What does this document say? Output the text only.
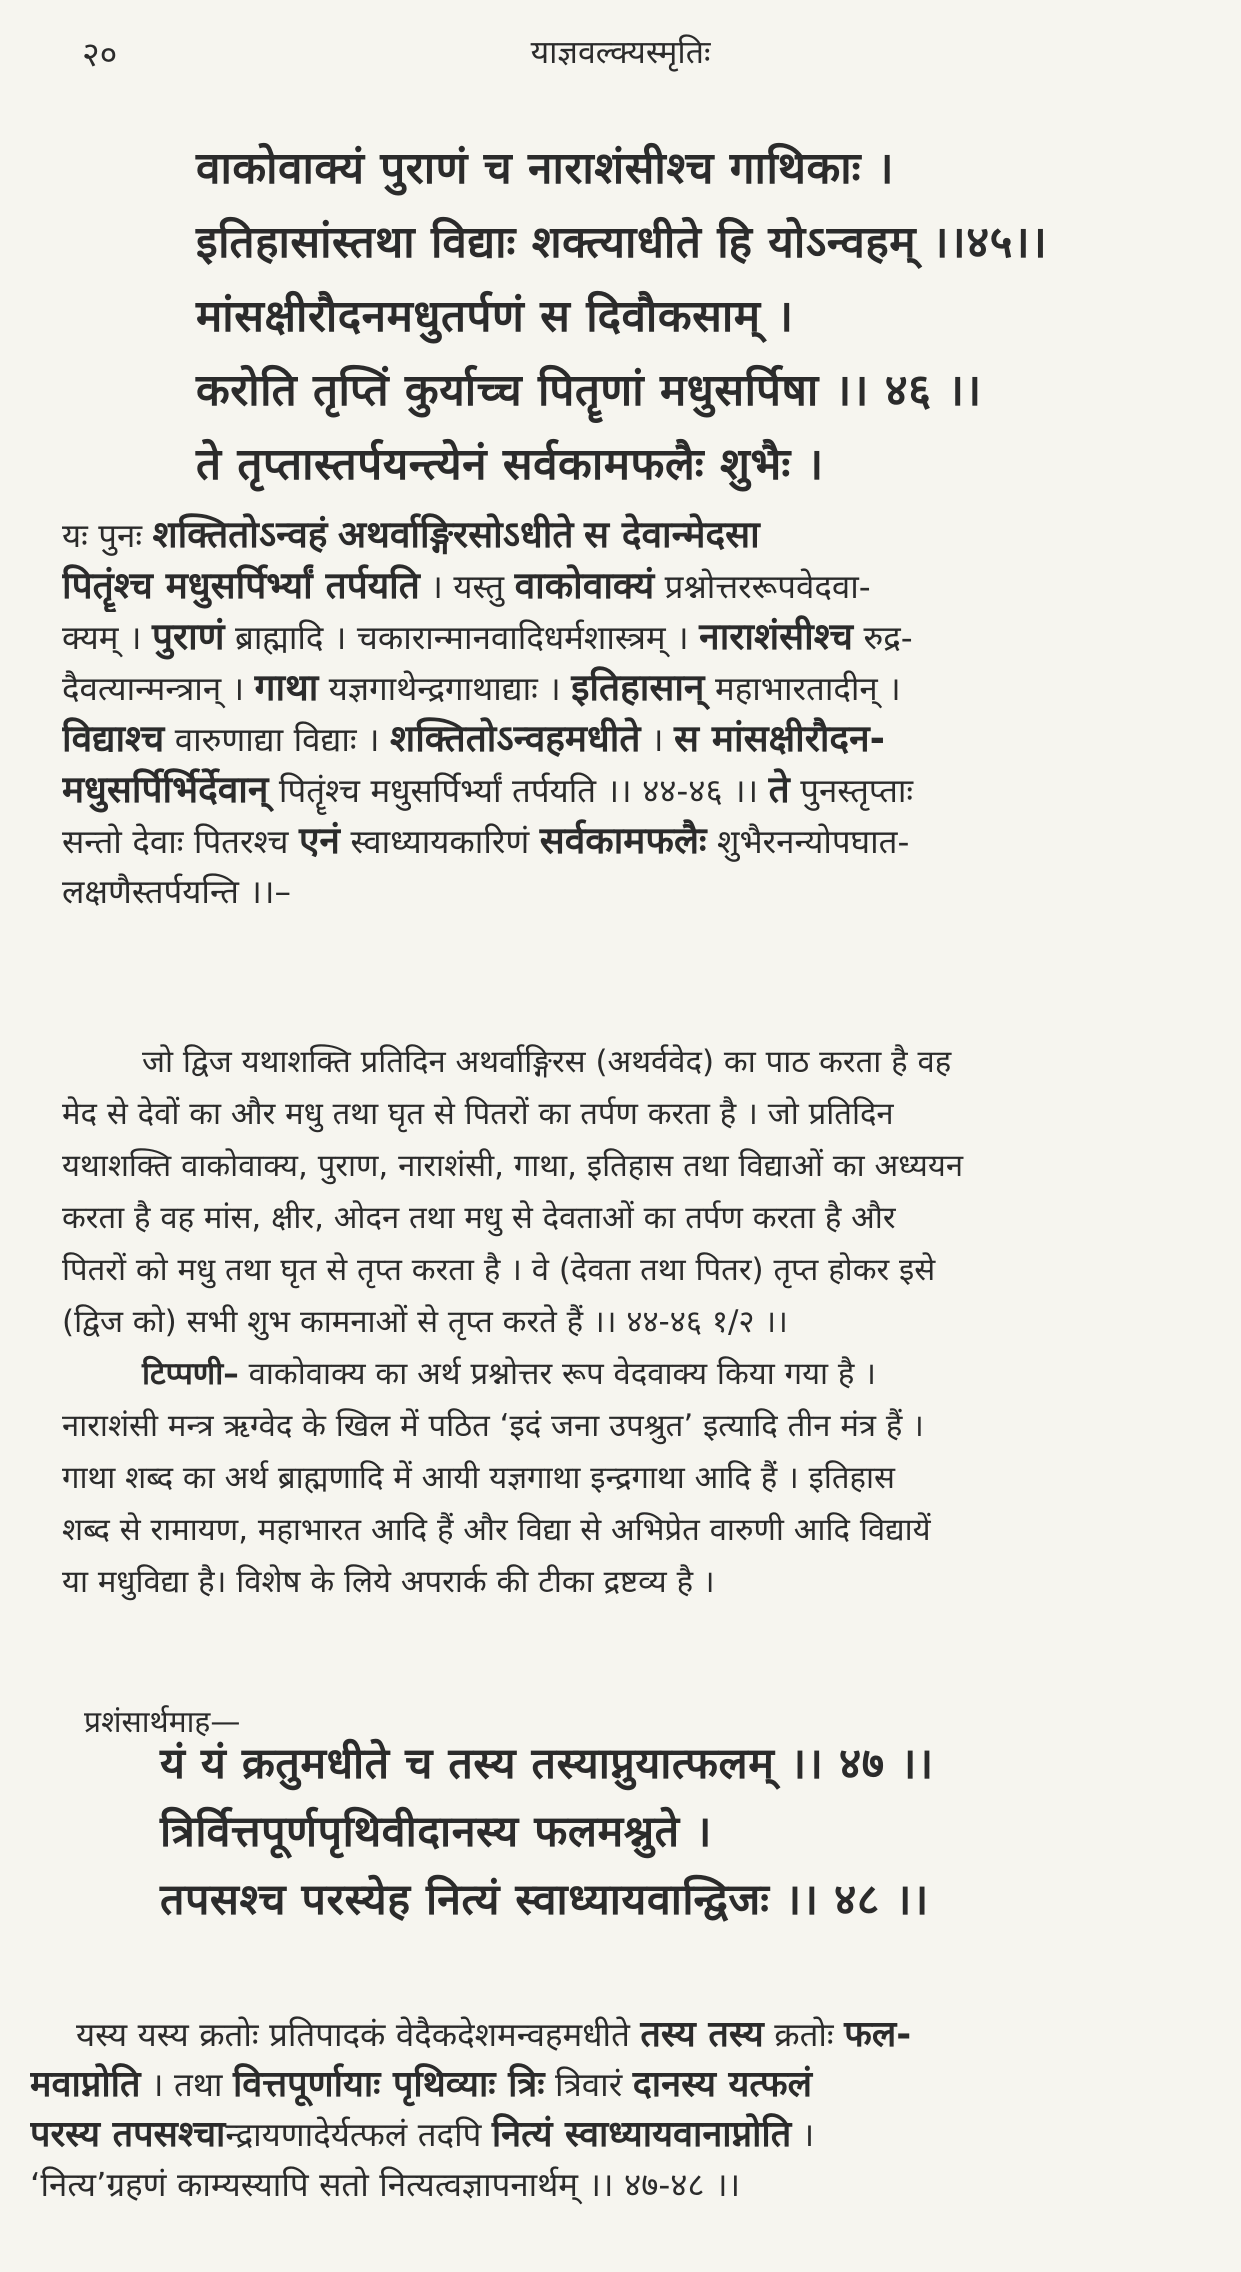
२०	याज्ञवल्क्यस्मृतिः
वाकोवाक्यं पुराणं च नाराशंसीश्च गाथिकाः ।
इतिहासांस्तथा विद्याः शक्त्याधीते हि योऽन्वहम् ।।४५।।
मांसक्षीरौदनमधुतर्पणं स दिवौकसाम् ।
करोति तृप्तिं कुर्याच्च पितॄणां मधुसर्पिषा ।। ४६ ।।
ते तृप्तास्तर्पयन्त्येनं सर्वकामफलैः शुभैः ।
यः पुनः शक्तितोऽन्वहं अथर्वाङ्गिरसोऽधीते स देवान्मेदसा
पितॄंश्च मधुसर्पिर्भ्यां तर्पयति । यस्तु वाकोवाक्यं प्रश्नोत्तररूपवेदवा-
क्यम् । पुराणं ब्राह्मादि । चकारान्मानवादिधर्मशास्त्रम् । नाराशंसीश्च रुद्र-
दैवत्यान्मन्त्रान् । गाथा यज्ञगाथेन्द्रगाथाद्याः । इतिहासान् महाभारतादीन् ।
विद्याश्च वारुणाद्या विद्याः । शक्तितोऽन्वहमधीते । स मांसक्षीरौदन-
मधुसर्पिर्भिर्देवान् पितॄंश्च मधुसर्पिर्भ्यां तर्पयति ।। ४४-४६ ।। ते पुनस्तृप्ताः
सन्तो देवाः पितरश्च एनं स्वाध्यायकारिणं सर्वकामफलैः शुभैरनन्योपघात-
लक्षणैस्तर्पयन्ति ।।–
जो द्विज यथाशक्ति प्रतिदिन अथर्वाङ्गिरस (अथर्ववेद) का पाठ करता है वह
मेद से देवों का और मधु तथा घृत से पितरों का तर्पण करता है । जो प्रतिदिन
यथाशक्ति वाकोवाक्य, पुराण, नाराशंसी, गाथा, इतिहास तथा विद्याओं का अध्ययन
करता है वह मांस, क्षीर, ओदन तथा मधु से देवताओं का तर्पण करता है और
पितरों को मधु तथा घृत से तृप्त करता है । वे (देवता तथा पितर) तृप्त होकर इसे
(द्विज को) सभी शुभ कामनाओं से तृप्त करते हैं ।। ४४-४६ १/२ ।।
टिप्पणी– वाकोवाक्य का अर्थ प्रश्नोत्तर रूप वेदवाक्य किया गया है ।
नाराशंसी मन्त्र ऋग्वेद के खिल में पठित ‘इदं जना उपश्रुत’ इत्यादि तीन मंत्र हैं ।
गाथा शब्द का अर्थ ब्राह्मणादि में आयी यज्ञगाथा इन्द्रगाथा आदि हैं । इतिहास
शब्द से रामायण, महाभारत आदि हैं और विद्या से अभिप्रेत वारुणी आदि विद्यायें
या मधुविद्या है। विशेष के लिये अपरार्क की टीका द्रष्टव्य है ।
प्रशंसार्थमाह—
यं यं क्रतुमधीते च तस्य तस्याप्नुयात्फलम् ।। ४७ ।।
त्रिर्वित्तपूर्णपृथिवीदानस्य फलमश्नुते ।
तपसश्च परस्येह नित्यं स्वाध्यायवान्द्विजः ।। ४८ ।।
यस्य यस्य क्रतोः प्रतिपादकं वेदैकदेशमन्वहमधीते तस्य तस्य क्रतोः फल-
मवाप्नोति । तथा वित्तपूर्णायाः पृथिव्याः त्रिः त्रिवारं दानस्य यत्फलं
परस्य तपसश्चान्द्रायणादेर्यत्फलं तदपि नित्यं स्वाध्यायवानाप्नोति ।
‘नित्य’ग्रहणं काम्यस्यापि सतो नित्यत्वज्ञापनार्थम् ।। ४७-४८ ।।
